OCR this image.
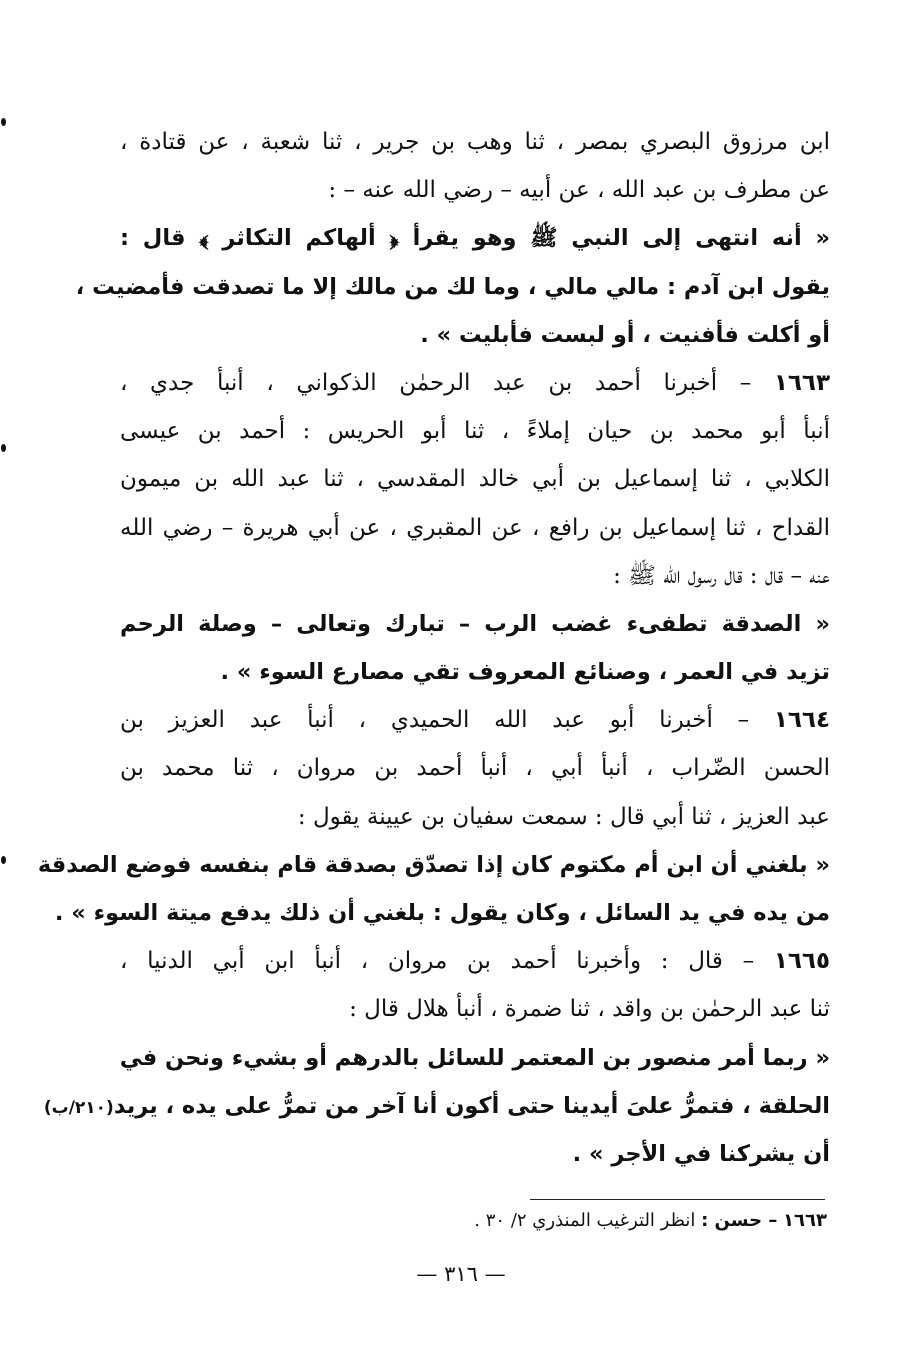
ابن مرزوق البصري بمصر ، ثنا وهب بن جرير ، ثنا شعبة ، عن قتادة ،
عن مطرف بن عبد الله ، عن أبيه – رضي الله عنه – :
« أنه انتهى إلى النبي ﷺ وهو يقرأ ﴿ ألهاكم التكاثر ﴾ قال :
يقول ابن آدم : مالي مالي ، وما لك من مالك إلا ما تصدقت فأمضيت ،
أو أكلت فأفنيت ، أو لبست فأبليت » .
١٦٦٣ – أخبرنا أحمد بن عبد الرحمٰن الذكواني ، أنبأ جدي ،
أنبأ أبو محمد بن حيان إملاءً ، ثنا أبو الحريس : أحمد بن عيسى
الكلابي ، ثنا إسماعيل بن أبي خالد المقدسي ، ثنا عبد الله بن ميمون
القداح ، ثنا إسماعيل بن رافع ، عن المقبري ، عن أبي هريرة – رضي الله
عنه – قال : قال رسول الله ﷺ :
« الصدقة تطفىء غضب الرب – تبارك وتعالى – وصلة الرحم
تزيد في العمر ، وصنائع المعروف تقي مصارع السوء » .
١٦٦٤ – أخبرنا أبو عبد الله الحميدي ، أنبأ عبد العزيز بن
الحسن الضّراب ، أنبأ أبي ، أنبأ أحمد بن مروان ، ثنا محمد بن
عبد العزيز ، ثنا أبي قال : سمعت سفيان بن عيينة يقول :
« بلغني أن ابن أم مكتوم كان إذا تصدّق بصدقة قام بنفسه فوضع الصدقة
من يده في يد السائل ، وكان يقول : بلغني أن ذلك يدفع ميتة السوء » .
١٦٦٥ – قال : وأخبرنا أحمد بن مروان ، أنبأ ابن أبي الدنيا ،
ثنا عبد الرحمٰن بن واقد ، ثنا ضمرة ، أنبأ هلال قال :
« ربما أمر منصور بن المعتمر للسائل بالدرهم أو بشيء ونحن في
الحلقة ، فتمرُّ علىَ أيدينا حتى أكون أنا آخر من تمرُّ على يده ، يريد(٢١٠/ب)
أن يشركنا في الأجر » .
١٦٦٣ – حسن : انظر الترغيب المنذري ٢/ ٣٠ .
— ٣١٦ —
